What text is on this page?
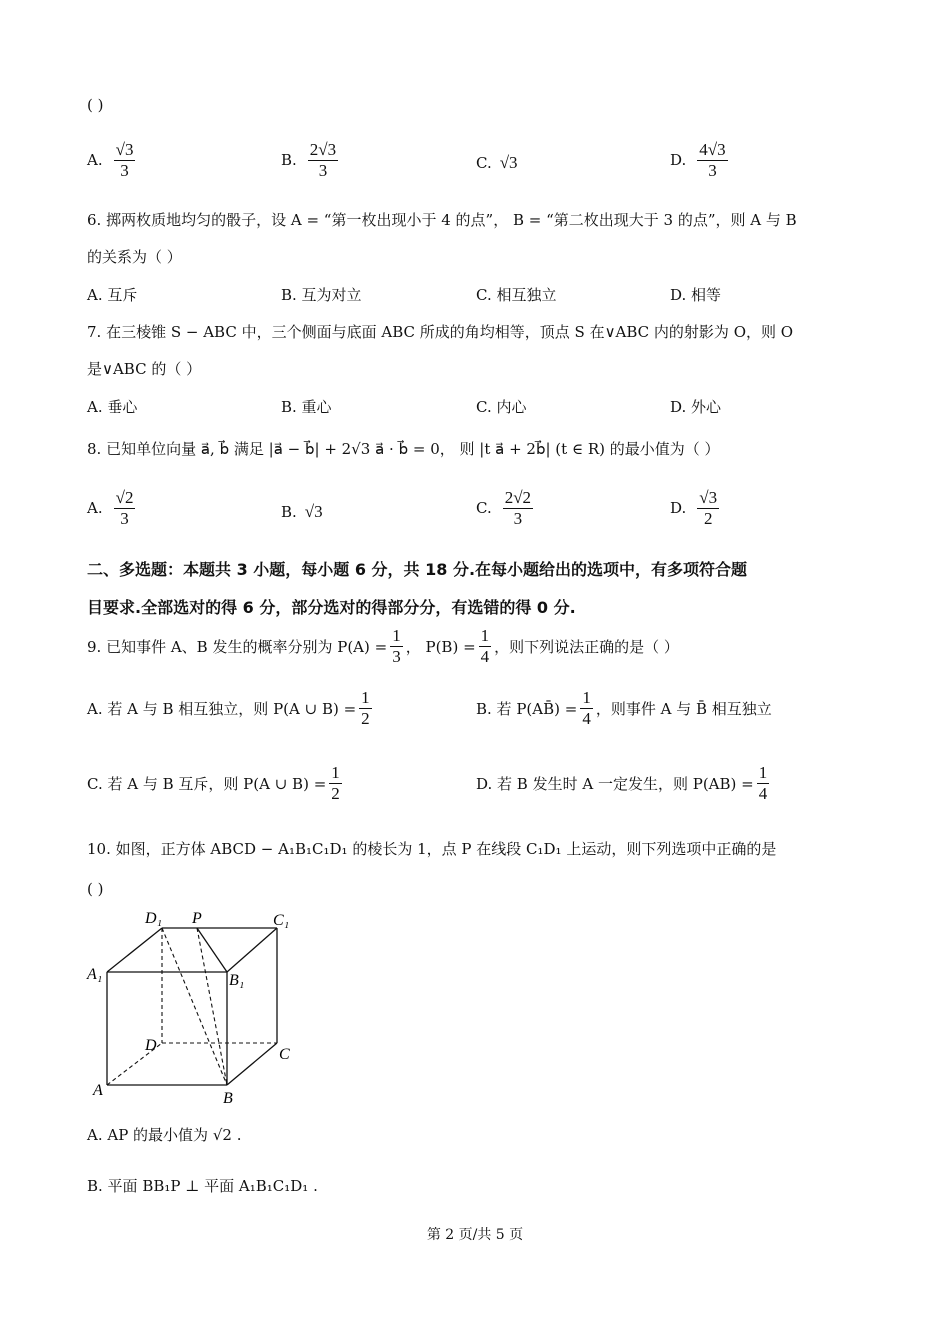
( )
A. $\frac{√3}{3}$	B. $\frac{2√3}{3}$	C. √3	D. $\frac{4√3}{3}$
6. 掷两枚质地均匀的骰子，设 A = “第一枚出现小于 4 的点”， B = “第二枚出现大于 3 的点”，则 A 与 B
的关系为（ ）
A. 互斥	B. 互为对立	C. 相互独立	D. 相等
7. 在三棱锥 S − ABC 中，三个侧面与底面 ABC 所成的角均相等，顶点 S 在∨ABC 内的射影为 O，则 O
是∨ABC 的（ ）
A. 垂心	B. 重心	C. 内心	D. 外心
8. 已知单位向量 a⃗, b⃗ 满足 |a⃗ − b⃗| + 2√3 a⃗ · b⃗ = 0， 则 |t a⃗ + 2b⃗| (t ∈ R) 的最小值为（ ）
A. $\frac{√2}{3}$	B. √3	C. $\frac{2√2}{3}$	D. $\frac{√3}{2}$
二、多选题：本题共 3 小题，每小题 6 分，共 18 分.在每小题给出的选项中，有多项符合题
目要求.全部选对的得 6 分，部分选对的得部分分，有选错的得 0 分.
9. 已知事件 A、B 发生的概率分别为 $P(A) = \frac{1}{3}$ ， $P(B) = \frac{1}{4}$ ，则下列说法正确的是（ ）
A. 若 A 与 B 相互独立，则 P(A ∪ $B) = \frac{1}{2}$	B. 若 P(AB̄) = $\frac{1}{4}$ ，则事件 A 与 B̄ 相互独立
C. 若 A 与 B 互斥，则 P(A ∪ $B) = \frac{1}{2}$	D. 若 B 发生时 A 一定发生，则 $P(AB) = \frac{1}{4}$
10. 如图，正方体 ABCD − A₁B₁C₁D₁ 的棱长为 1，点 P 在线段 C₁D₁ 上运动，则下列选项中正确的是
( )
D₁ P	C₁
A₁	B₁
D
C
A	B
A. AP 的最小值为 √2 .
B. 平面 BB₁P ⊥ 平面 A₁B₁C₁D₁ .
第 2 页/共 5 页
